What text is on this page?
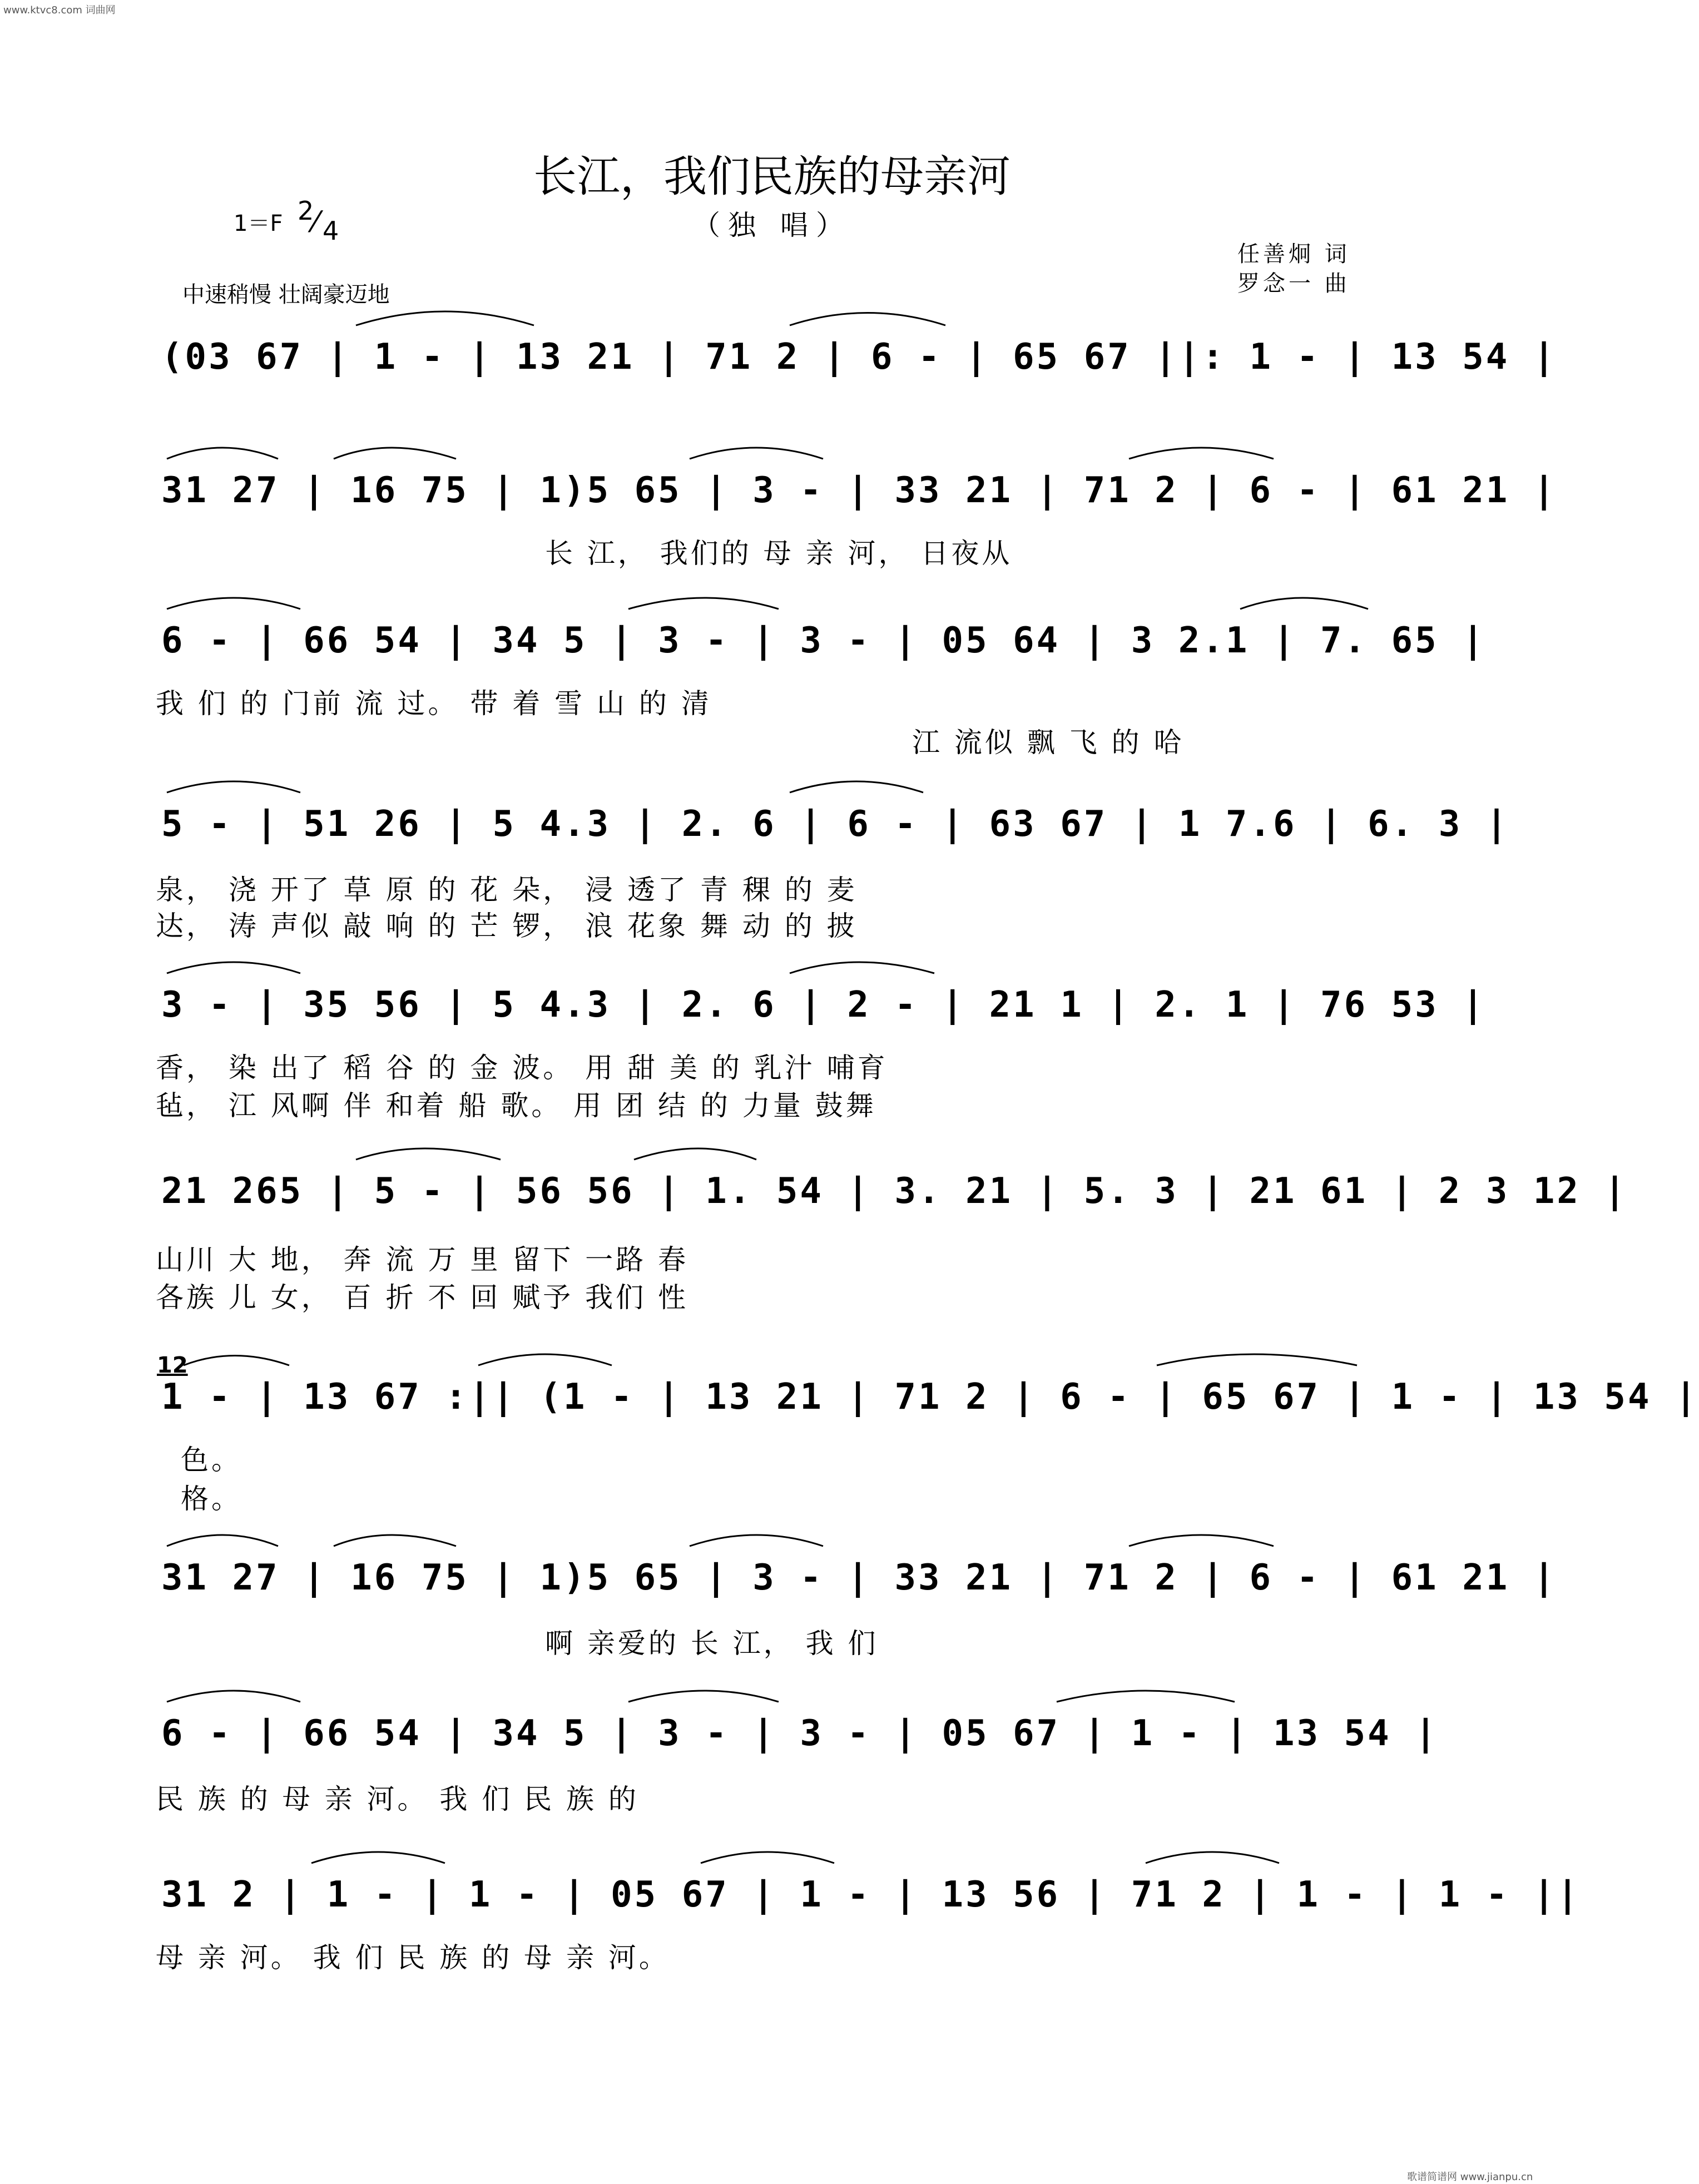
www.ktvc8.com 词曲网
长江，我们民族的母亲河
（独 唱）
1＝F 2
⁄ 4
中速稍慢 壮阔豪迈地
任善炯 词
罗念一 曲
(03 67 | 1 - | 13 21 | 71 2 | 6 - | 65 67 ||: 1 - | 13 54 |
31 27 | 16 75 | 1)5 65 | 3 - | 33 21 | 71 2 | 6 - | 61 21 |
长 江， 我们的 母 亲 河， 日夜从
6 - | 66 54 | 34 5 | 3 - | 3 - | 05 64 | 3 2.1 | 7. 65 |
我 们 的 门前 流 过。 带 着 雪 山 的 清
江 流似 飘 飞 的 哈
5 - | 51 26 | 5 4.3 | 2. 6 | 6 - | 63 67 | 1 7.6 | 6. 3 |
泉， 浇 开了 草 原 的 花 朵， 浸 透了 青 稞 的 麦
达， 涛 声似 敲 响 的 芒 锣， 浪 花象 舞 动 的 披
3 - | 35 56 | 5 4.3 | 2. 6 | 2 - | 21 1 | 2. 1 | 76 53 |
香， 染 出了 稻 谷 的 金 波。 用 甜 美 的 乳汁 哺育
毡， 江 风啊 伴 和着 船 歌。 用 团 结 的 力量 鼓舞
21 265 | 5 - | 56 56 | 1. 54 | 3. 21 | 5. 3 | 21 61 | 2 3 12 |
山川 大 地， 奔 流 万 里 留下 一路 春
各族 儿 女， 百 折 不 回 赋予 我们 性
12
1 - | 13 67 :|| (1 - | 13 21 | 71 2 | 6 - | 65 67 | 1 - | 13 54 |
色。
格。
31 27 | 16 75 | 1)5 65 | 3 - | 33 21 | 71 2 | 6 - | 61 21 |
啊 亲爱的 长 江， 我 们
6 - | 66 54 | 34 5 | 3 - | 3 - | 05 67 | 1 - | 13 54 |
民 族 的 母 亲 河。 我 们 民 族 的
31 2 | 1 - | 1 - | 05 67 | 1 - | 13 56 | 71 2 | 1 - | 1 - ||
母 亲 河。 我 们 民 族 的 母 亲 河。
歌谱简谱网 www.jianpu.cn
